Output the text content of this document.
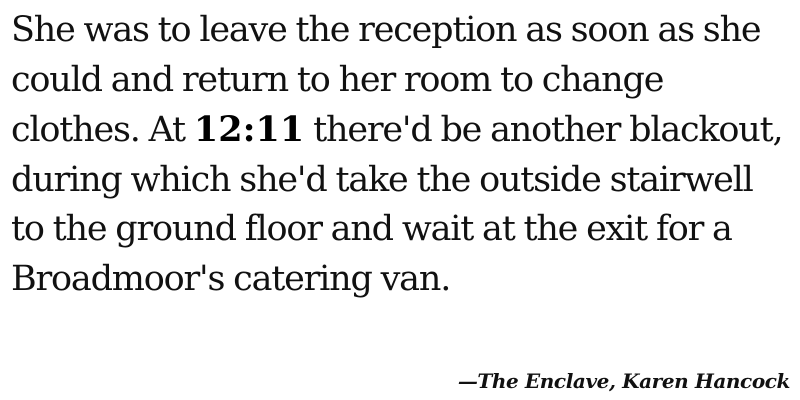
She was to leave the reception as soon as she
could and return to her room to change
clothes. At 12:11 there'd be another blackout,
during which she'd take the outside stairwell
to the ground floor and wait at the exit for a
Broadmoor's catering van.
—The Enclave, Karen Hancock
